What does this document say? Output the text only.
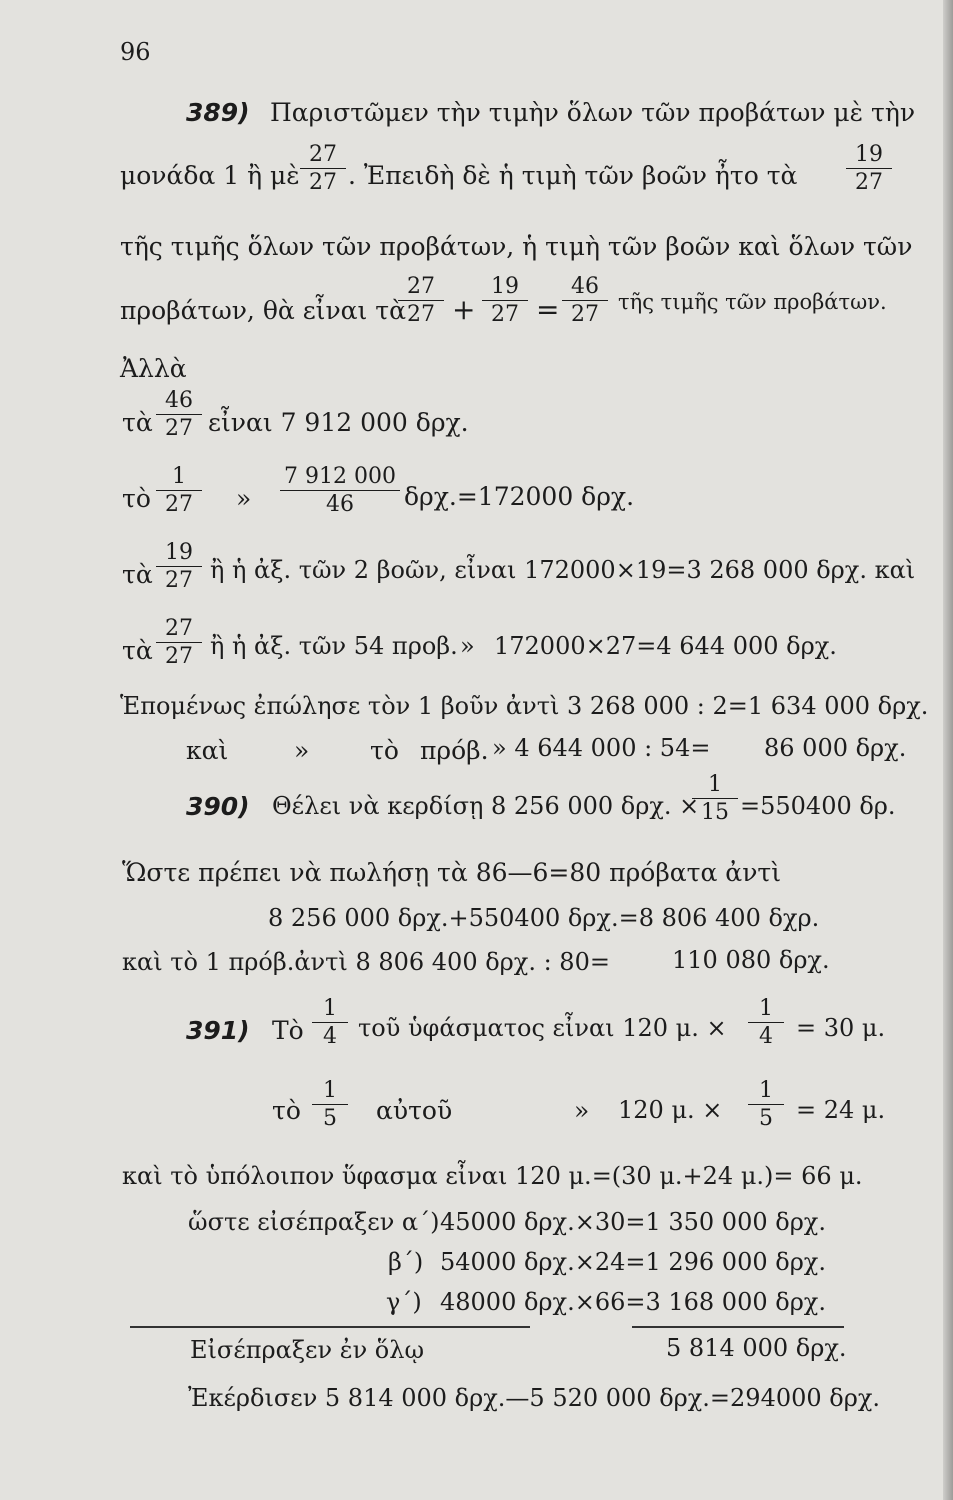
96
389) Παριστῶμεν τὴν τιμὴν ὅλων τῶν προβάτων μὲ τὴν
μονάδα 1 ἢ μὲ $\frac{27}{27}$ . Ἐπειδὴ δὲ ἡ τιμὴ τῶν βοῶν ἦτο τὰ $\frac{19}{27}$
τῆς τιμῆς ὅλων τῶν προβάτων, ἡ τιμὴ τῶν βοῶν καὶ ὅλων τῶν
προβάτων, θὰ εἶναι τὰ
$\frac{27}{27} + \frac{19}{27} = \frac{46}{27}$ τῆς τιμῆς τῶν προβάτων.
Ἀλλὰ
τὰ $\frac{46}{27}$ εἶναι 7 912 000 δρχ.
τὸ $\frac{1}{27}$ » $\frac{7 912 000}{46} \delta\rho\chi.=172000$ δρχ.
τὰ $\frac{19}{27}$ ἢ ἡ ἀξ. τῶν 2 βοῶν, εἶναι 172000×19=3 268 000 δρχ. καὶ
τὰ $\frac{27}{27}$ ἢ ἡ ἀξ. τῶν 54 προβ. » 172000×27=4 644 000 δρχ.
Ἑπομένως ἐπώλησε τὸν 1 βοῦν ἀντὶ 3 268 000 : 2=1 634 000 δρχ.
καὶ	» τὸ πρόβ. » 4 644 000 : 54= 86 000 δρχ.
390) Θέλει νὰ κερδίσῃ 8 256 000 δρχ. ×
$\frac{1}{15} =550400$ δρ.
Ὥστε πρέπει νὰ πωλήσῃ τὰ 86—6=80 πρόβατα ἀντὶ
8 256 000 δρχ.+550400 δρχ.=8 806 400 δχρ.
καὶ τὸ 1 πρόβ.ἀντὶ 8 806 400 δρχ. : 80=	110 080 δρχ.
391) Τὸ $\frac{1}{4}$ τοῦ ὑφάσματος εἶναι 120 μ. × $\frac{1}{4} = 30$ μ.
τὸ $\frac{1}{5}$ αὐτοῦ	» 120 μ. × $\frac{1}{5} = 24$ μ.
καὶ τὸ ὑπόλοιπον ὕφασμα εἶναι 120 μ.=(30 μ.+24 μ.)= 66 μ.
ὥστε εἰσέπραξεν α΄) 45000 δρχ.×30=1 350 000 δρχ.
β΄) 54000 δρχ.×24=1 296 000 δρχ.
γ΄) 48000 δρχ.×66=3 168 000 δρχ.
Εἰσέπραξεν ἐν ὅλῳ	5 814 000 δρχ.
Ἐκέρδισεν 5 814 000 δρχ.—5 520 000 δρχ.=294000 δρχ.
